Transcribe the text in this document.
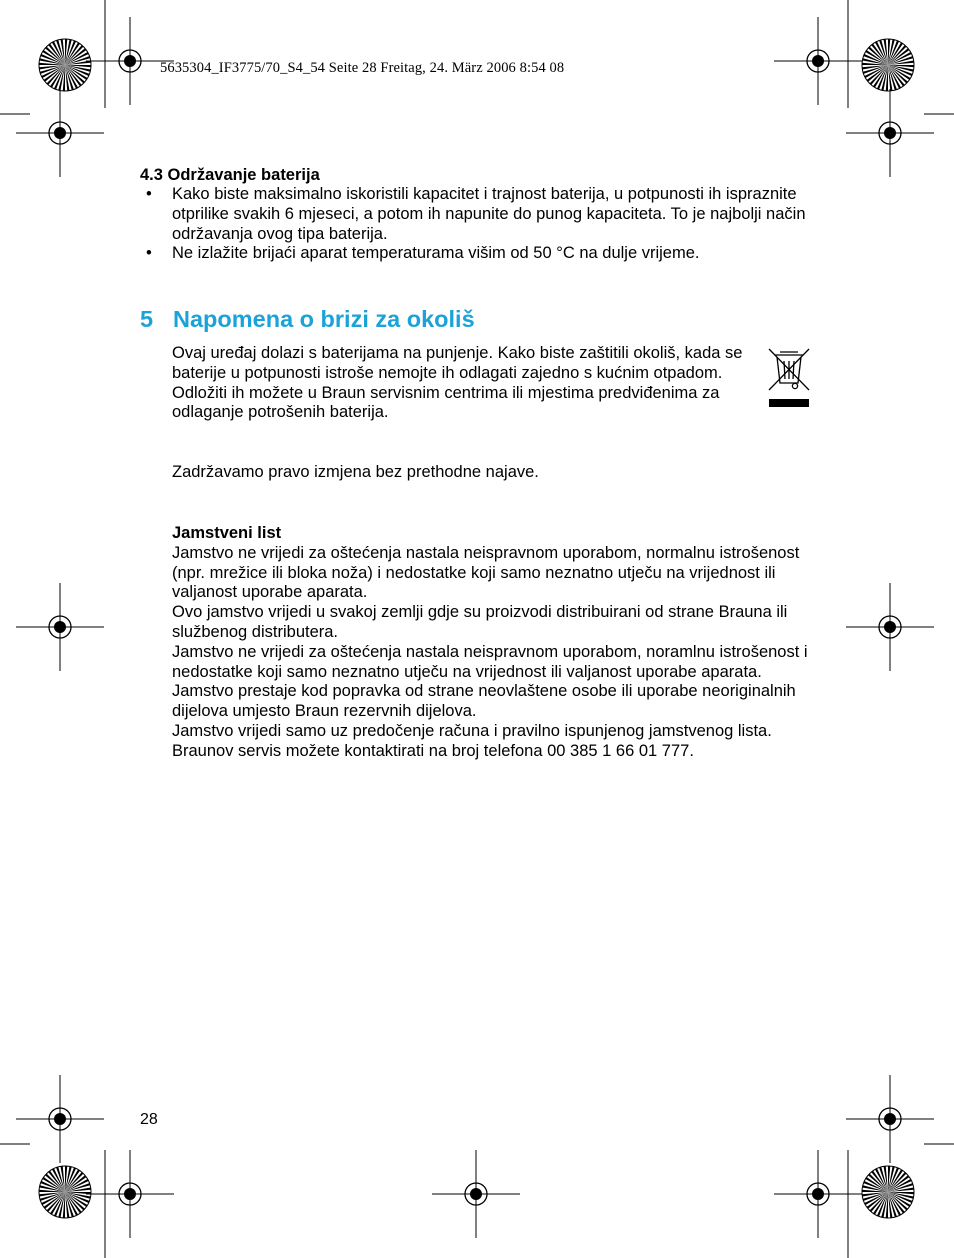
5635304_IF3775/70_S4_54 Seite 28 Freitag, 24. März 2006 8:54 08
4.3 Održavanje baterija
• Kako biste maksimalno iskoristili kapacitet i trajnost baterija, u potpunosti ih ispraznite otprilike svakih 6 mjeseci, a potom ih napunite do punog kapaciteta. To je najbolji način održavanja ovog tipa baterija.
• Ne izlažite brijaći aparat temperaturama višim od 50 °C na dulje vrijeme.
5 Napomena o brizi za okoliš
Ovaj uređaj dolazi s baterijama na punjenje. Kako biste zaštitili okoliš, kada se baterije u potpunosti istroše nemojte ih odlagati zajedno s kućnim otpadom. Odložiti ih možete u Braun servisnim centrima ili mjestima predviđenima za odlaganje potrošenih baterija.
Zadržavamo pravo izmjena bez prethodne najave.

Jamstveni list

Jamstvo ne vrijedi za oštećenja nastala neispravnom uporabom, normalnu istrošenost (npr. mrežice ili bloka noža) i nedostatke koji samo neznatno utječu na vrijednost ili valjanost uporabe aparata.

Ovo jamstvo vrijedi u svakoj zemlji gdje su proizvodi distribuirani od strane Brauna ili službenog distributera.

Jamstvo ne vrijedi za oštećenja nastala neispravnom uporabom, noramlnu istrošenost i nedostatke koji samo neznatno utječu na vrijednost ili valjanost uporabe aparata. Jamstvo prestaje kod popravka od strane neovlaštene osobe ili uporabe neoriginalnih dijelova umjesto Braun rezervnih dijelova.

Jamstvo vrijedi samo uz predočenje računa i pravilno ispunjenog jamstvenog lista.

Braunov servis možete kontaktirati na broj telefona 00 385 1 66 01 777.

28
